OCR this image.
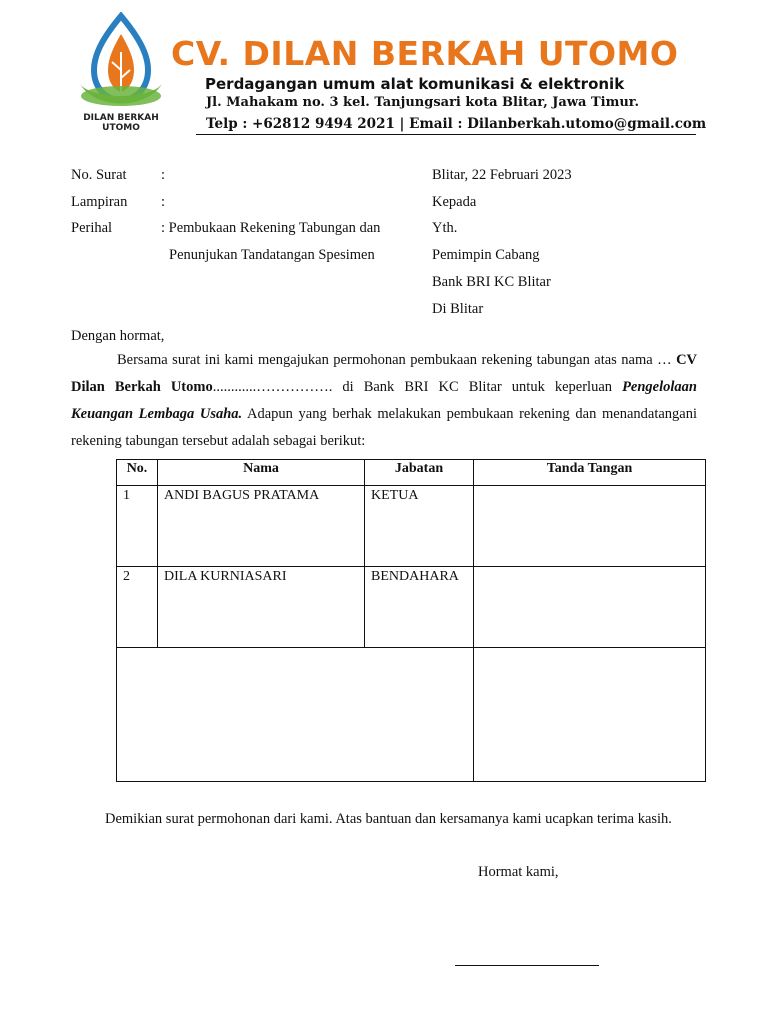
DILAN BERKAH UTOMO
CV. DILAN BERKAH UTOMO
Perdagangan umum alat komunikasi & elektronik
Jl. Mahakam no. 3 kel. Tanjungsari kota Blitar, Jawa Timur.
Telp : +62812 9494 2021 | Email : Dilanberkah.utomo@gmail.com
No. Surat :
Lampiran :
Perihal	: Pembukaan Rekening Tabungan dan
Penunjukan Tandatangan Spesimen
Blitar, 22 Februari 2023
Kepada
Yth.
Pemimpin Cabang
Bank BRI KC Blitar
Di Blitar
Dengan hormat,
Bersama surat ini kami mengajukan permohonan pembukaan rekening tabungan atas nama … CV Dilan Berkah Utomo............……………. di Bank BRI KC Blitar untuk keperluan Pengelolaan Keuangan Lembaga Usaha. Adapun yang berhak melakukan pembukaan rekening dan menandatangani rekening tabungan tersebut adalah sebagai berikut:
No.	Nama	Jabatan	Tanda Tangan
1	ANDI BAGUS PRATAMA	KETUA	
2	DILA KURNIASARI	BENDAHARA	

Demikian surat permohonan dari kami. Atas bantuan dan kersamanya kami ucapkan terima kasih.
Hormat kami,
